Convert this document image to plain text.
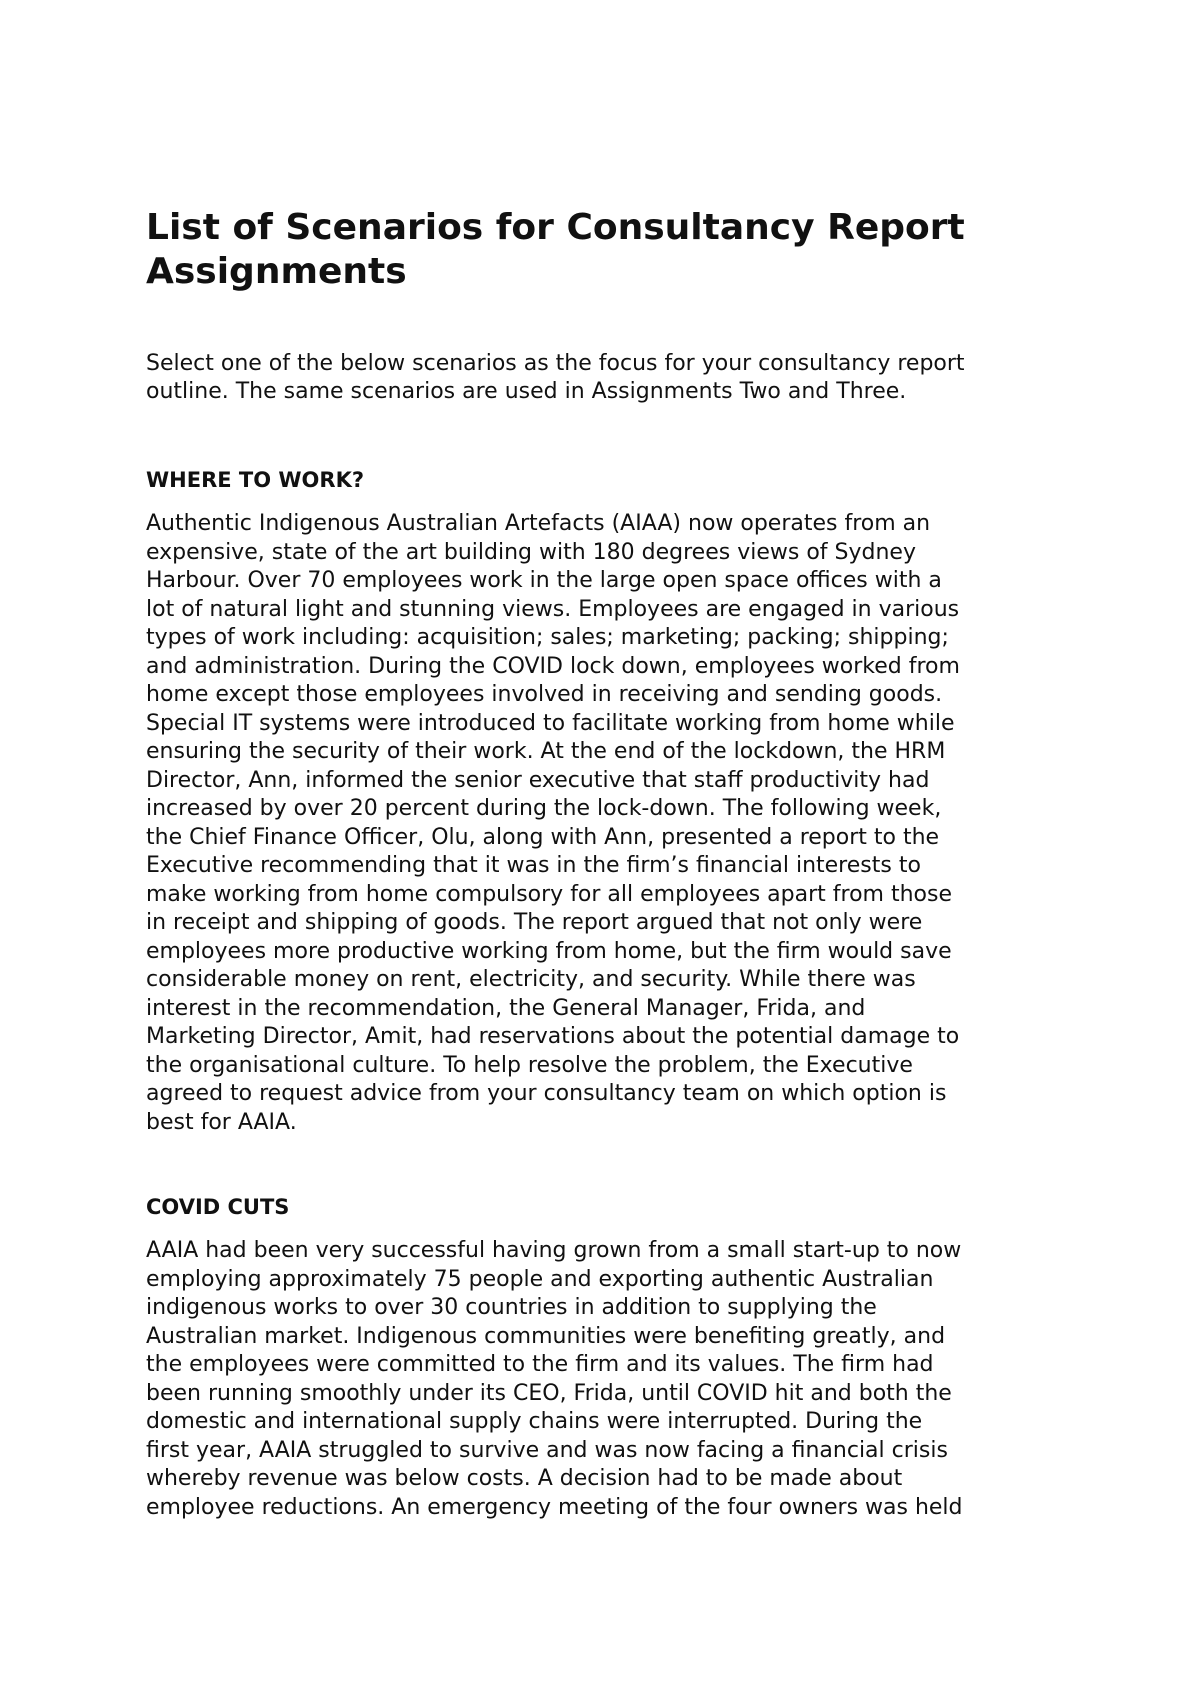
List of Scenarios for Consultancy Report
Assignments

Select one of the below scenarios as the focus for your consultancy report
outline. The same scenarios are used in Assignments Two and Three.

WHERE TO WORK?

Authentic Indigenous Australian Artefacts (AIAA) now operates from an
expensive, state of the art building with 180 degrees views of Sydney
Harbour. Over 70 employees work in the large open space offices with a
lot of natural light and stunning views. Employees are engaged in various
types of work including: acquisition; sales; marketing; packing; shipping;
and administration. During the COVID lock down, employees worked from
home except those employees involved in receiving and sending goods.
Special IT systems were introduced to facilitate working from home while
ensuring the security of their work. At the end of the lockdown, the HRM
Director, Ann, informed the senior executive that staff productivity had
increased by over 20 percent during the lock-down. The following week,
the Chief Finance Officer, Olu, along with Ann, presented a report to the
Executive recommending that it was in the firm’s financial interests to
make working from home compulsory for all employees apart from those
in receipt and shipping of goods. The report argued that not only were
employees more productive working from home, but the firm would save
considerable money on rent, electricity, and security. While there was
interest in the recommendation, the General Manager, Frida, and
Marketing Director, Amit, had reservations about the potential damage to
the organisational culture. To help resolve the problem, the Executive
agreed to request advice from your consultancy team on which option is
best for AAIA.

COVID CUTS

AAIA had been very successful having grown from a small start-up to now
employing approximately 75 people and exporting authentic Australian
indigenous works to over 30 countries in addition to supplying the
Australian market. Indigenous communities were benefiting greatly, and
the employees were committed to the firm and its values. The firm had
been running smoothly under its CEO, Frida, until COVID hit and both the
domestic and international supply chains were interrupted. During the
first year, AAIA struggled to survive and was now facing a financial crisis
whereby revenue was below costs. A decision had to be made about
employee reductions. An emergency meeting of the four owners was held
